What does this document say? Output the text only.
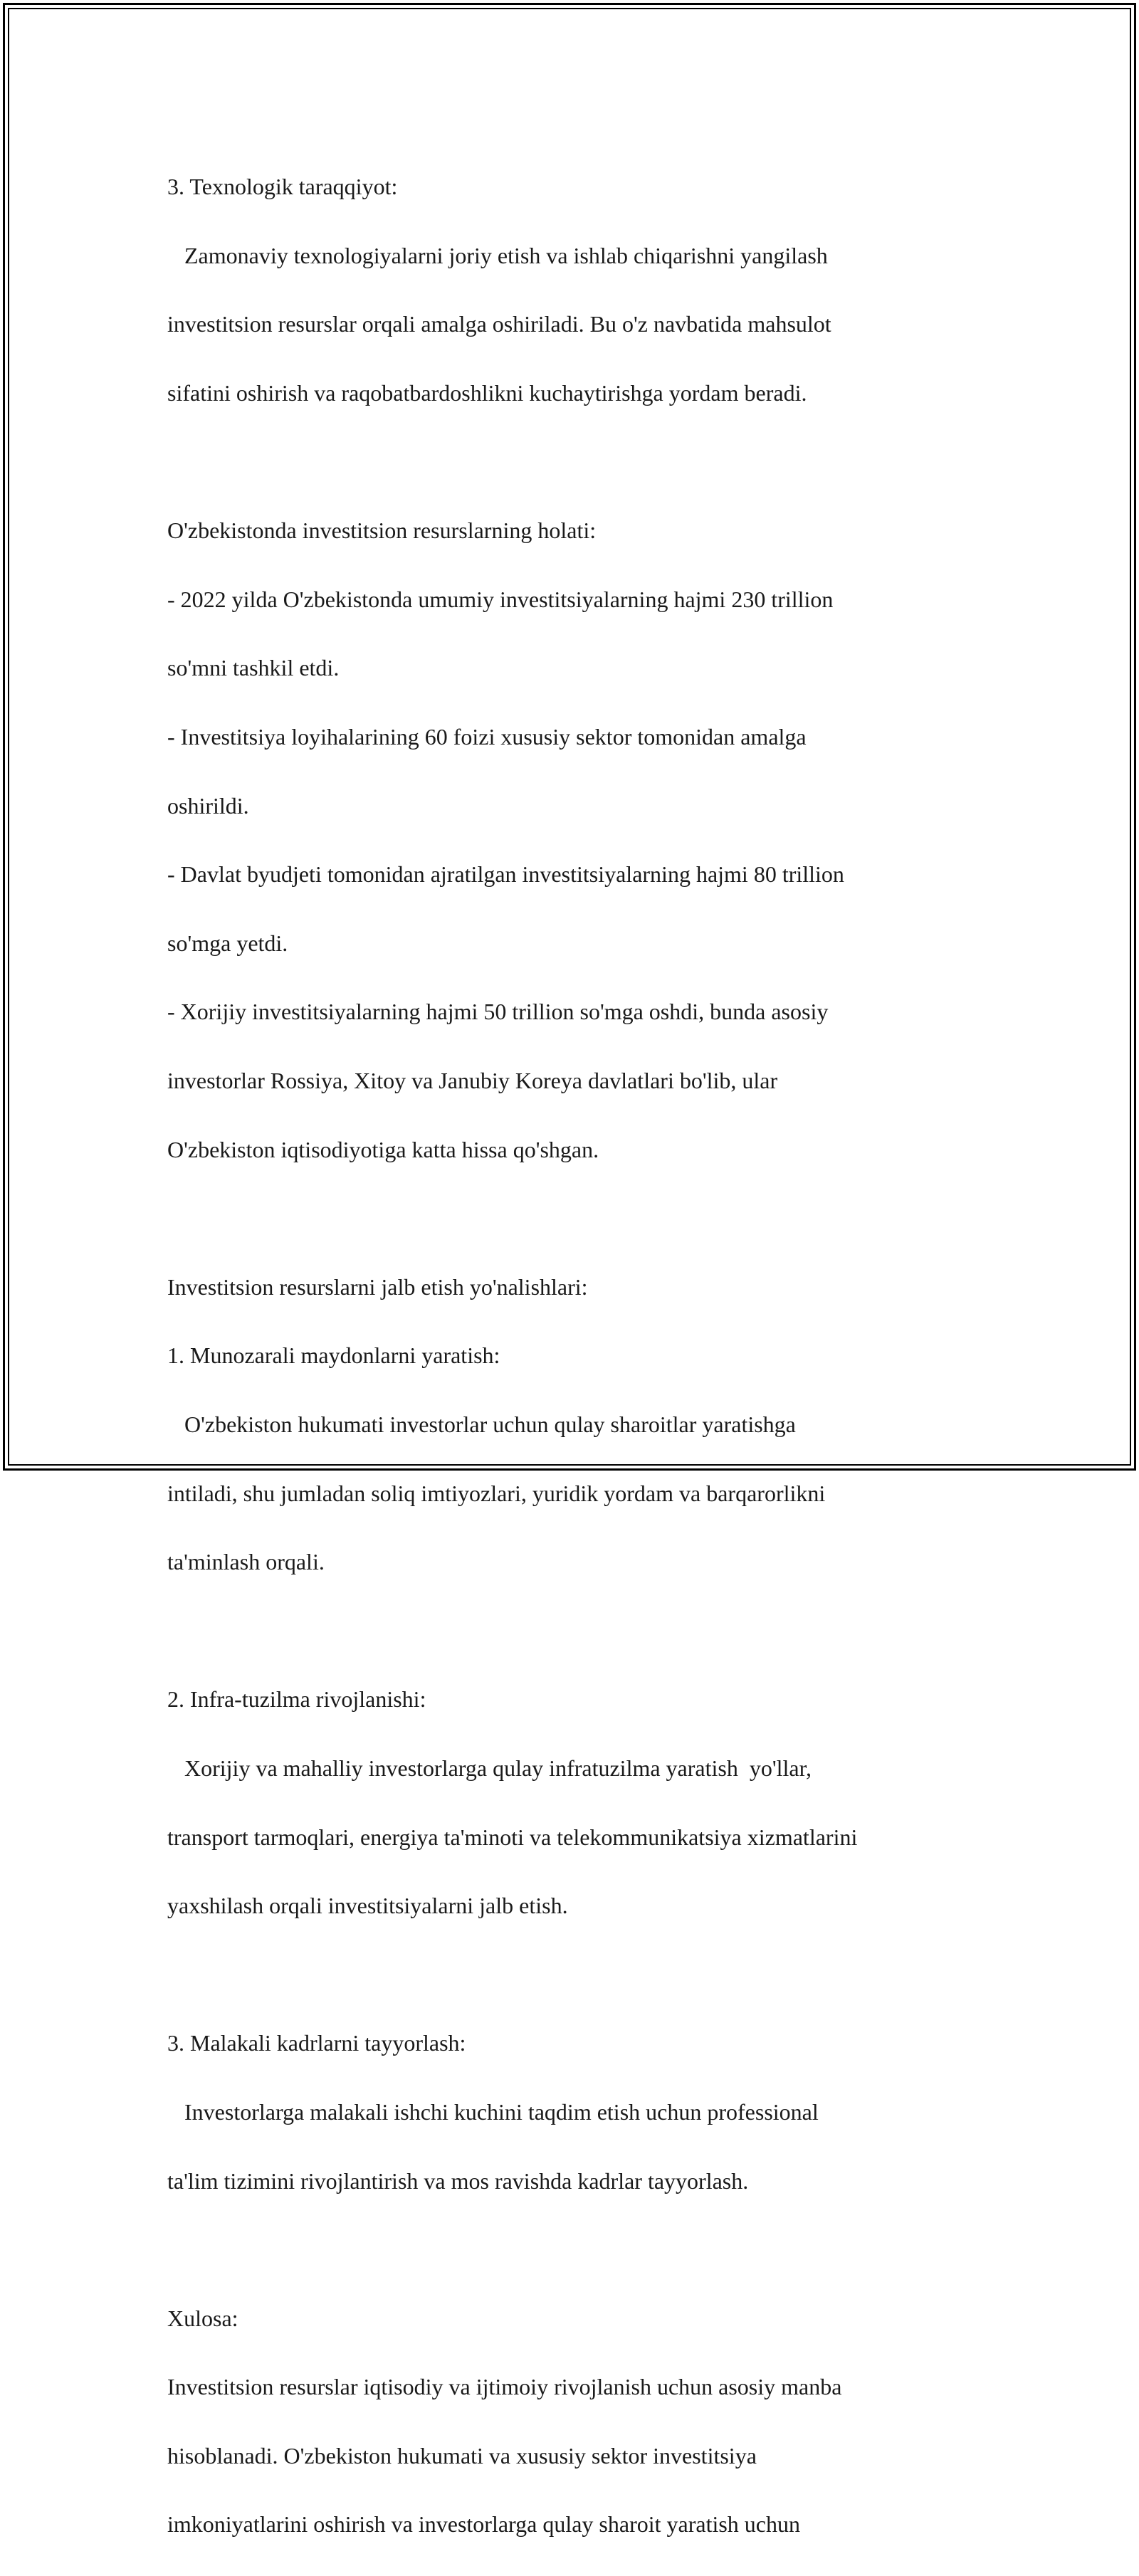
3. Texnologik taraqqiyot:

Zamonaviy texnologiyalarni joriy etish va ishlab chiqarishni yangilash

investitsion resurslar orqali amalga oshiriladi. Bu o'z navbatida mahsulot

sifatini oshirish va raqobatbardoshlikni kuchaytirishga yordam beradi.

O'zbekistonda investitsion resurslarning holati:

- 2022 yilda O'zbekistonda umumiy investitsiyalarning hajmi 230 trillion

so'mni tashkil etdi.

- Investitsiya loyihalarining 60 foizi xususiy sektor tomonidan amalga

oshirildi.

- Davlat byudjeti tomonidan ajratilgan investitsiyalarning hajmi 80 trillion

so'mga yetdi.

- Xorijiy investitsiyalarning hajmi 50 trillion so'mga oshdi, bunda asosiy

investorlar Rossiya, Xitoy va Janubiy Koreya davlatlari bo'lib, ular

O'zbekiston iqtisodiyotiga katta hissa qo'shgan.

Investitsion resurslarni jalb etish yo'nalishlari:

1. Munozarali maydonlarni yaratish:

O'zbekiston hukumati investorlar uchun qulay sharoitlar yaratishga

intiladi, shu jumladan soliq imtiyozlari, yuridik yordam va barqarorlikni

ta'minlash orqali.

2. Infra-tuzilma rivojlanishi:

Xorijiy va mahalliy investorlarga qulay infratuzilma yaratish  yo'llar,

transport tarmoqlari, energiya ta'minoti va telekommunikatsiya xizmatlarini

yaxshilash orqali investitsiyalarni jalb etish.

3. Malakali kadrlarni tayyorlash:

Investorlarga malakali ishchi kuchini taqdim etish uchun professional

ta'lim tizimini rivojlantirish va mos ravishda kadrlar tayyorlash.

Xulosa:

Investitsion resurslar iqtisodiy va ijtimoiy rivojlanish uchun asosiy manba

hisoblanadi. O'zbekiston hukumati va xususiy sektor investitsiya

imkoniyatlarini oshirish va investorlarga qulay sharoit yaratish uchun
